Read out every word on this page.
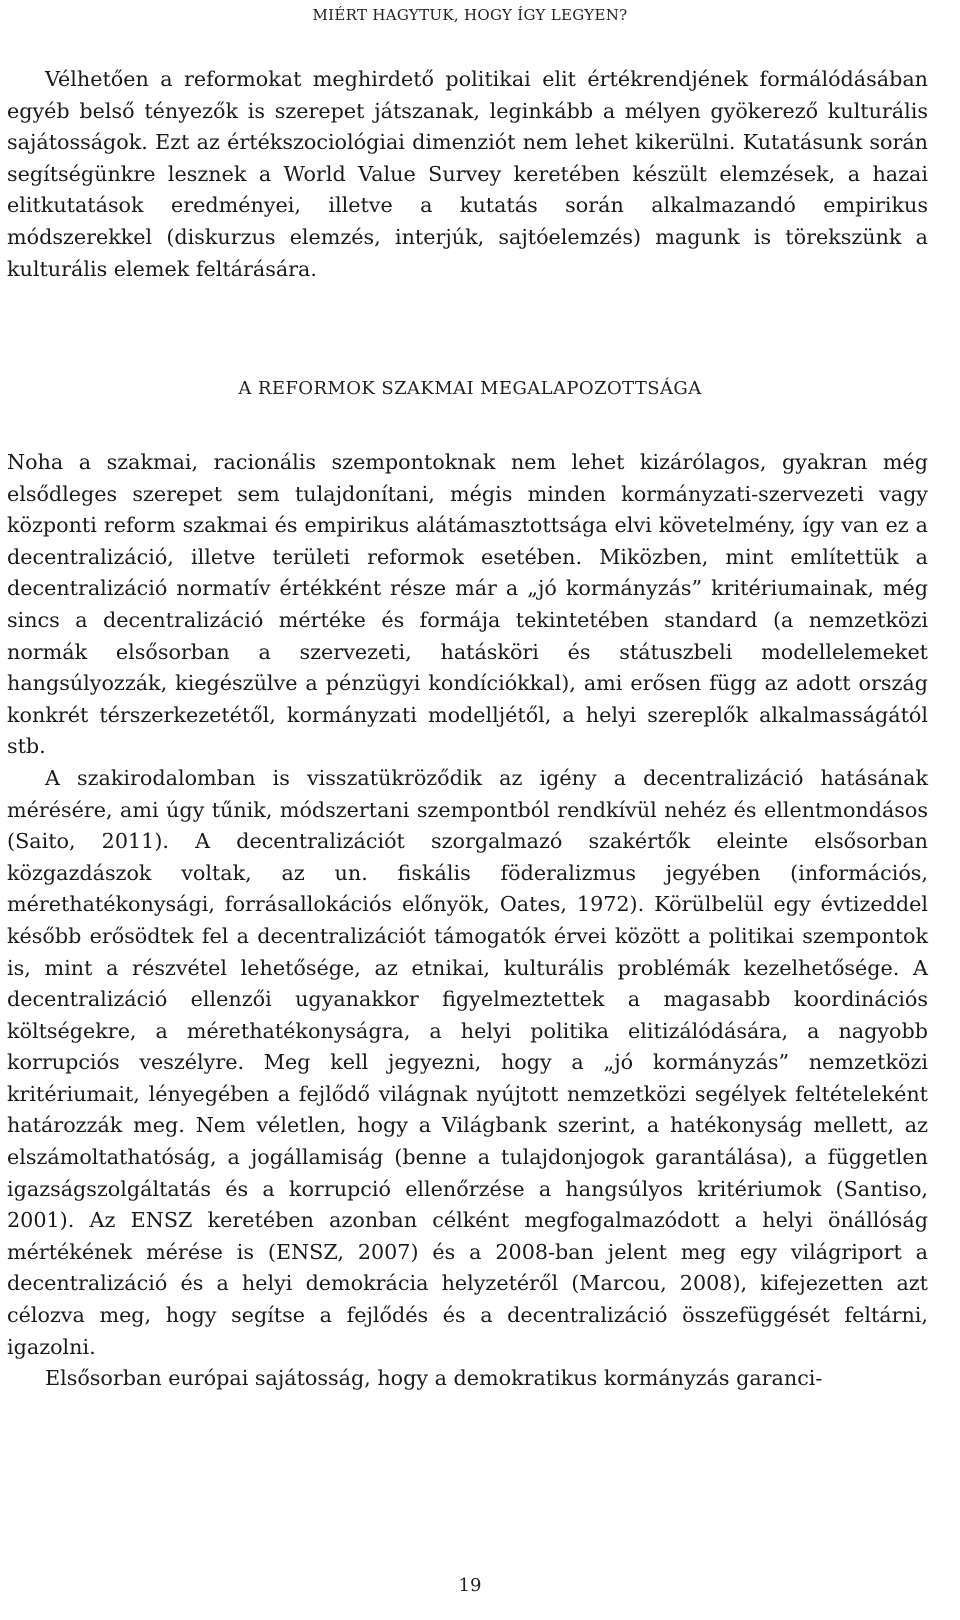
MIÉRT HAGYTUK, HOGY ÍGY LEGYEN?

Vélhetően a reformokat meghirdető politikai elit értékrendjének formálódásában egyéb belső tényezők is szerepet játszanak, leginkább a mélyen gyökerező kulturális sajátosságok. Ezt az értékszociológiai dimenziót nem lehet kikerülni. Kutatásunk során segítségünkre lesznek a World Value Survey keretében készült elemzések, a hazai elitkutatások eredményei, illetve a kutatás során alkalmazandó empirikus módszerekkel (diskurzus elemzés, interjúk, sajtóelemzés) magunk is törekszünk a kulturális elemek feltárására.

A REFORMOK SZAKMAI MEGALAPOZOTTSÁGA

Noha a szakmai, racionális szempontoknak nem lehet kizárólagos, gyakran még elsődleges szerepet sem tulajdonítani, mégis minden kormányzati-szervezeti vagy központi reform szakmai és empirikus alátámasztottsága elvi követelmény, így van ez a decentralizáció, illetve területi reformok esetében. Miközben, mint említettük a decentralizáció normatív értékként része már a „jó kormányzás” kritériumainak, még sincs a decentralizáció mértéke és formája tekintetében standard (a nemzetközi normák elsősorban a szervezeti, hatásköri és státuszbeli modellelemeket hangsúlyozzák, kiegészülve a pénzügyi kondíciókkal), ami erősen függ az adott ország konkrét térszerkezetétől, kormányzati modelljétől, a helyi szereplők alkalmasságától stb.

A szakirodalomban is visszatükröződik az igény a decentralizáció hatásának mérésére, ami úgy tűnik, módszertani szempontból rendkívül nehéz és ellentmondásos (Saito, 2011). A decentralizációt szorgalmazó szakértők eleinte elsősorban közgazdászok voltak, az un. fiskális föderalizmus jegyében (információs, mérethatékonysági, forrásallokációs előnyök, Oates, 1972). Körülbelül egy évtizeddel később erősödtek fel a decentralizációt támogatók érvei között a politikai szempontok is, mint a részvétel lehetősége, az etnikai, kulturális problémák kezelhetősége. A decentralizáció ellenzői ugyanakkor figyelmeztettek a magasabb koordinációs költségekre, a mérethatékonyságra, a helyi politika elitizálódására, a nagyobb korrupciós veszélyre. Meg kell jegyezni, hogy a „jó kormányzás” nemzetközi kritériumait, lényegében a fejlődő világnak nyújtott nemzetközi segélyek feltételeként határozzák meg. Nem véletlen, hogy a Világbank szerint, a hatékonyság mellett, az elszámoltathatóság, a jogállamiság (benne a tulajdonjogok garantálása), a független igazságszolgáltatás és a korrupció ellenőrzése a hangsúlyos kritériumok (Santiso, 2001). Az ENSZ keretében azonban célként megfogalmazódott a helyi önállóság mértékének mérése is (ENSZ, 2007) és a 2008-ban jelent meg egy világriport a decentralizáció és a helyi demokrácia helyzetéről (Marcou, 2008), kifejezetten azt célozva meg, hogy segítse a fejlődés és a decentralizáció összefüggését feltárni, igazolni.

Elsősorban európai sajátosság, hogy a demokratikus kormányzás garanci-

19
